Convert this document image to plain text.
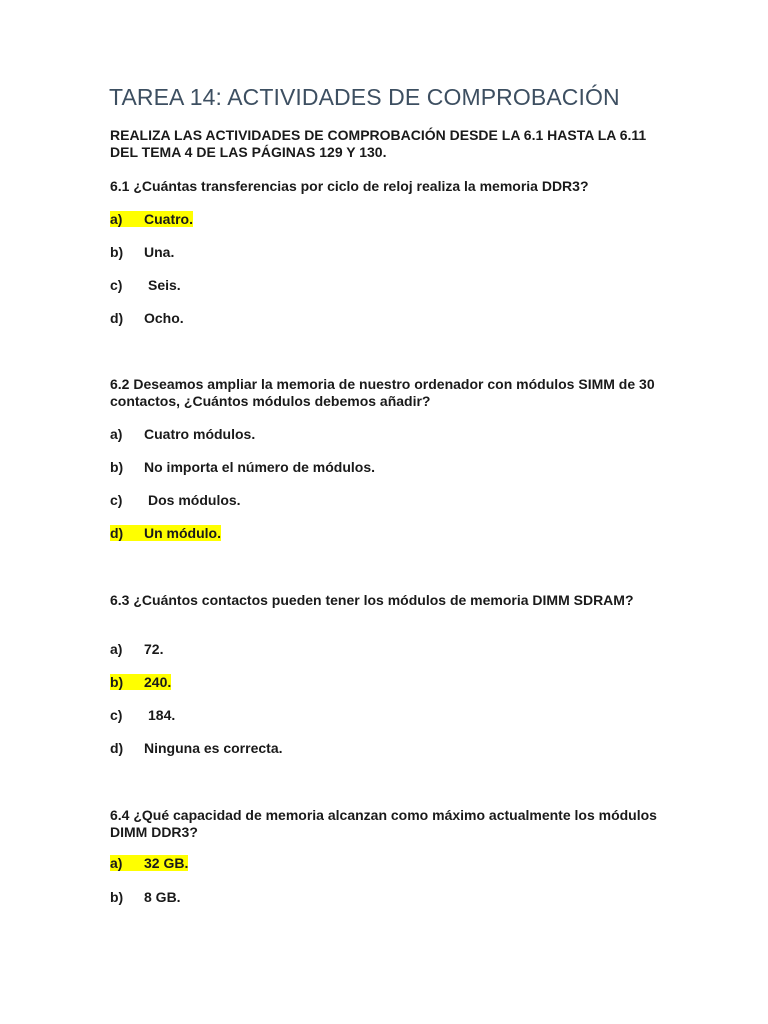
TAREA 14: ACTIVIDADES DE COMPROBACIÓN

REALIZA LAS ACTIVIDADES DE COMPROBACIÓN DESDE LA 6.1 HASTA LA 6.11 DEL TEMA 4 DE LAS PÁGINAS 129 Y 130.

6.1 ¿Cuántas transferencias por ciclo de reloj realiza la memoria DDR3?

a) Cuatro.

b) Una.

c) Seis.

d) Ocho.

6.2 Deseamos ampliar la memoria de nuestro ordenador con módulos SIMM de 30 contactos, ¿Cuántos módulos debemos añadir?

a) Cuatro módulos.

b) No importa el número de módulos.

c) Dos módulos.

d) Un módulo.

6.3 ¿Cuántos contactos pueden tener los módulos de memoria DIMM SDRAM?

a) 72.

b) 240.

c) 184.

d) Ninguna es correcta.

6.4 ¿Qué capacidad de memoria alcanzan como máximo actualmente los módulos DIMM DDR3?

a) 32 GB.

b) 8 GB.
